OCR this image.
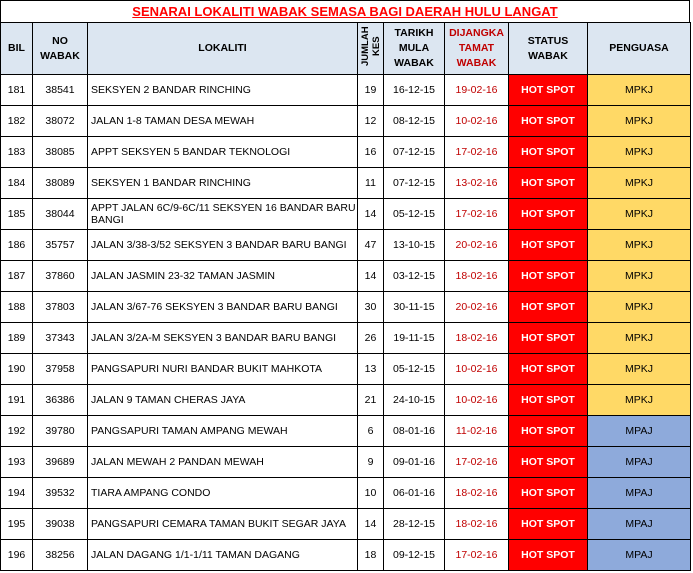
SENARAI LOKALITI WABAK SEMASA BAGI DAERAH HULU LANGAT
BIL	NO WABAK	LOKALITI	JUMLAH KES	TARIKH MULA WABAK	DIJANGKA TAMAT WABAK	STATUS WABAK	PENGUASA
181	38541	SEKSYEN 2 BANDAR RINCHING	19	16-12-15	19-02-16	HOT SPOT	MPKJ
182	38072	JALAN 1-8 TAMAN DESA MEWAH	12	08-12-15	10-02-16	HOT SPOT	MPKJ
183	38085	APPT SEKSYEN 5 BANDAR TEKNOLOGI	16	07-12-15	17-02-16	HOT SPOT	MPKJ
184	38089	SEKSYEN 1 BANDAR RINCHING	11	07-12-15	13-02-16	HOT SPOT	MPKJ
185	38044	APPT JALAN 6C/9-6C/11 SEKSYEN 16 BANDAR BARU BANGI	14	05-12-15	17-02-16	HOT SPOT	MPKJ
186	35757	JALAN 3/38-3/52 SEKSYEN 3 BANDAR BARU BANGI	47	13-10-15	20-02-16	HOT SPOT	MPKJ
187	37860	JALAN JASMIN 23-32 TAMAN JASMIN	14	03-12-15	18-02-16	HOT SPOT	MPKJ
188	37803	JALAN 3/67-76 SEKSYEN 3 BANDAR BARU BANGI	30	30-11-15	20-02-16	HOT SPOT	MPKJ
189	37343	JALAN 3/2A-M SEKSYEN 3 BANDAR BARU BANGI	26	19-11-15	18-02-16	HOT SPOT	MPKJ
190	37958	PANGSAPURI NURI BANDAR BUKIT MAHKOTA	13	05-12-15	10-02-16	HOT SPOT	MPKJ
191	36386	JALAN 9 TAMAN CHERAS JAYA	21	24-10-15	10-02-16	HOT SPOT	MPKJ
192	39780	PANGSAPURI TAMAN AMPANG MEWAH	6	08-01-16	11-02-16	HOT SPOT	MPAJ
193	39689	JALAN MEWAH 2 PANDAN MEWAH	9	09-01-16	17-02-16	HOT SPOT	MPAJ
194	39532	TIARA AMPANG CONDO	10	06-01-16	18-02-16	HOT SPOT	MPAJ
195	39038	PANGSAPURI CEMARA TAMAN BUKIT SEGAR JAYA	14	28-12-15	18-02-16	HOT SPOT	MPAJ
196	38256	JALAN DAGANG 1/1-1/11 TAMAN DAGANG	18	09-12-15	17-02-16	HOT SPOT	MPAJ
